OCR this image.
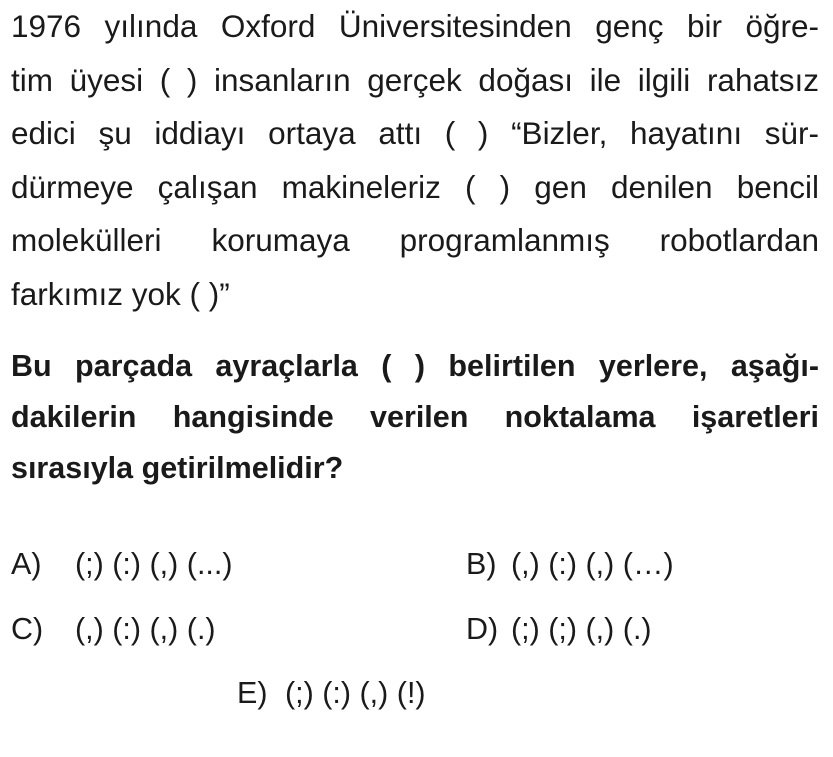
1976 yılında Oxford Üniversitesinden genç bir öğre-
tim üyesi ( ) insanların gerçek doğası ile ilgili rahatsız
edici şu iddiayı ortaya attı ( ) “Bizler, hayatını sür-
dürmeye çalışan makineleriz ( ) gen denilen bencil
molekülleri korumaya programlanmış robotlardan
farkımız yok ( )”
Bu parçada ayraçlarla ( ) belirtilen yerlere, aşağı-
dakilerin hangisinde verilen noktalama işaretleri
sırasıyla getirilmelidir?
A) (;) (:) (,) (...)	B) (,) (:) (,) (…)
C) (,) (:) (,) (.)	D) (;) (;) (,) (.)
E) (;) (:) (,) (!)
